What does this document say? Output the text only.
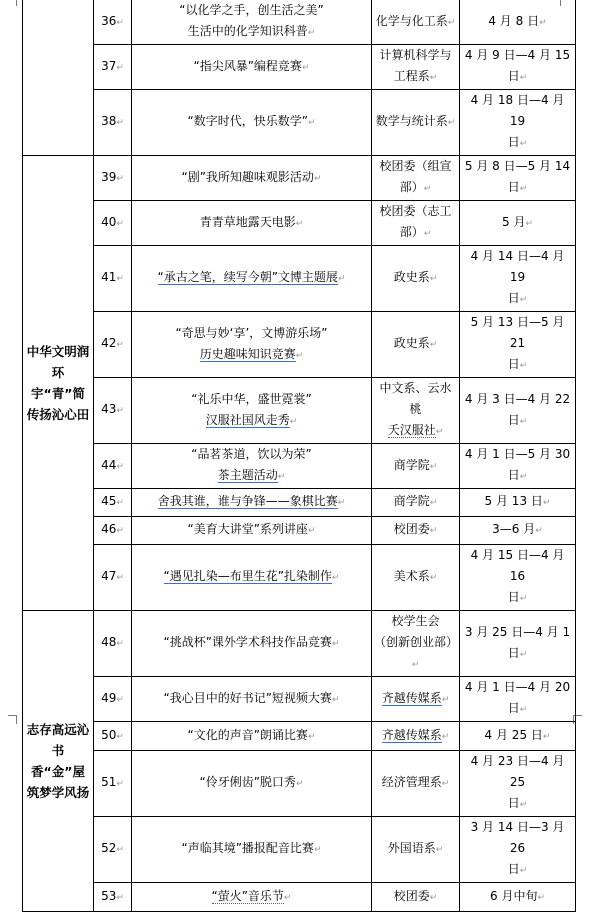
	36↵	“以化学之手，创生活之美”
生活中的化学知识科普↵	化学与化工系↵	4 月 8 日↵
	37↵	“指尖风暴”编程竞赛↵	计算机科学与
工程系↵	4 月 9 日—4 月 15 日↵
	38↵	“数字时代，快乐数学”↵	数学与统计系↵	4 月 18 日—4 月 19
日↵
中华文明润环宇“青”简传扬沁心田	39↵	“剧”我所知趣味观影活动↵	校团委（组宣
部）↵	5 月 8 日—5 月 14 日↵
	40↵	青青草地露天电影↵	校团委（志工
部）↵	5 月↵
	41↵	“承古之笔，续写今朝”文博主题展↵	政史系↵	4 月 14 日—4 月 19
日↵
	42↵	“奇思与妙‘享’，文博游乐场”
历史趣味知识竞赛↵	政史系↵	5 月 13 日—5 月 21
日↵
	43↵	“礼乐中华，盛世霓裳”
汉服社国风走秀↵	中文系、云水桃
夭汉服社↵	4 月 3 日—4 月 22 日↵
	44↵	“品茗茶道，饮以为荣”
茶主题活动↵	商学院↵	4 月 1 日—5 月 30 日↵
	45↵	舍我其谁，谁与争锋——象棋比赛↵	商学院↵	5 月 13 日↵
	46↵	“美育大讲堂”系列讲座↵	校团委↵	3—6 月↵
	47↵	“遇见扎染—布里生花”扎染制作↵	美术系↵	4 月 15 日—4 月 16
日↵
志存高远沁书香“金”屋筑梦学风扬	48↵	“挑战杯”课外学术科技作品竞赛↵	校学生会
（创新创业部）↵	3 月 25 日—4 月 1 日↵
	49↵	“我心目中的好书记”短视频大赛↵	齐越传媒系↵	4 月 1 日—4 月 20 日↵
	50↵	“文化的声音”朗诵比赛↵	齐越传媒系↵	4 月 25 日↵
	51↵	“伶牙俐齿”脱口秀↵	经济管理系↵	4 月 23 日—4 月 25
日↵
	52↵	“声临其境”播报配音比赛↵	外国语系↵	3 月 14 日—3 月 26
日↵
	53↵	“萤火”音乐节↵	校团委↵	6 月中旬↵
